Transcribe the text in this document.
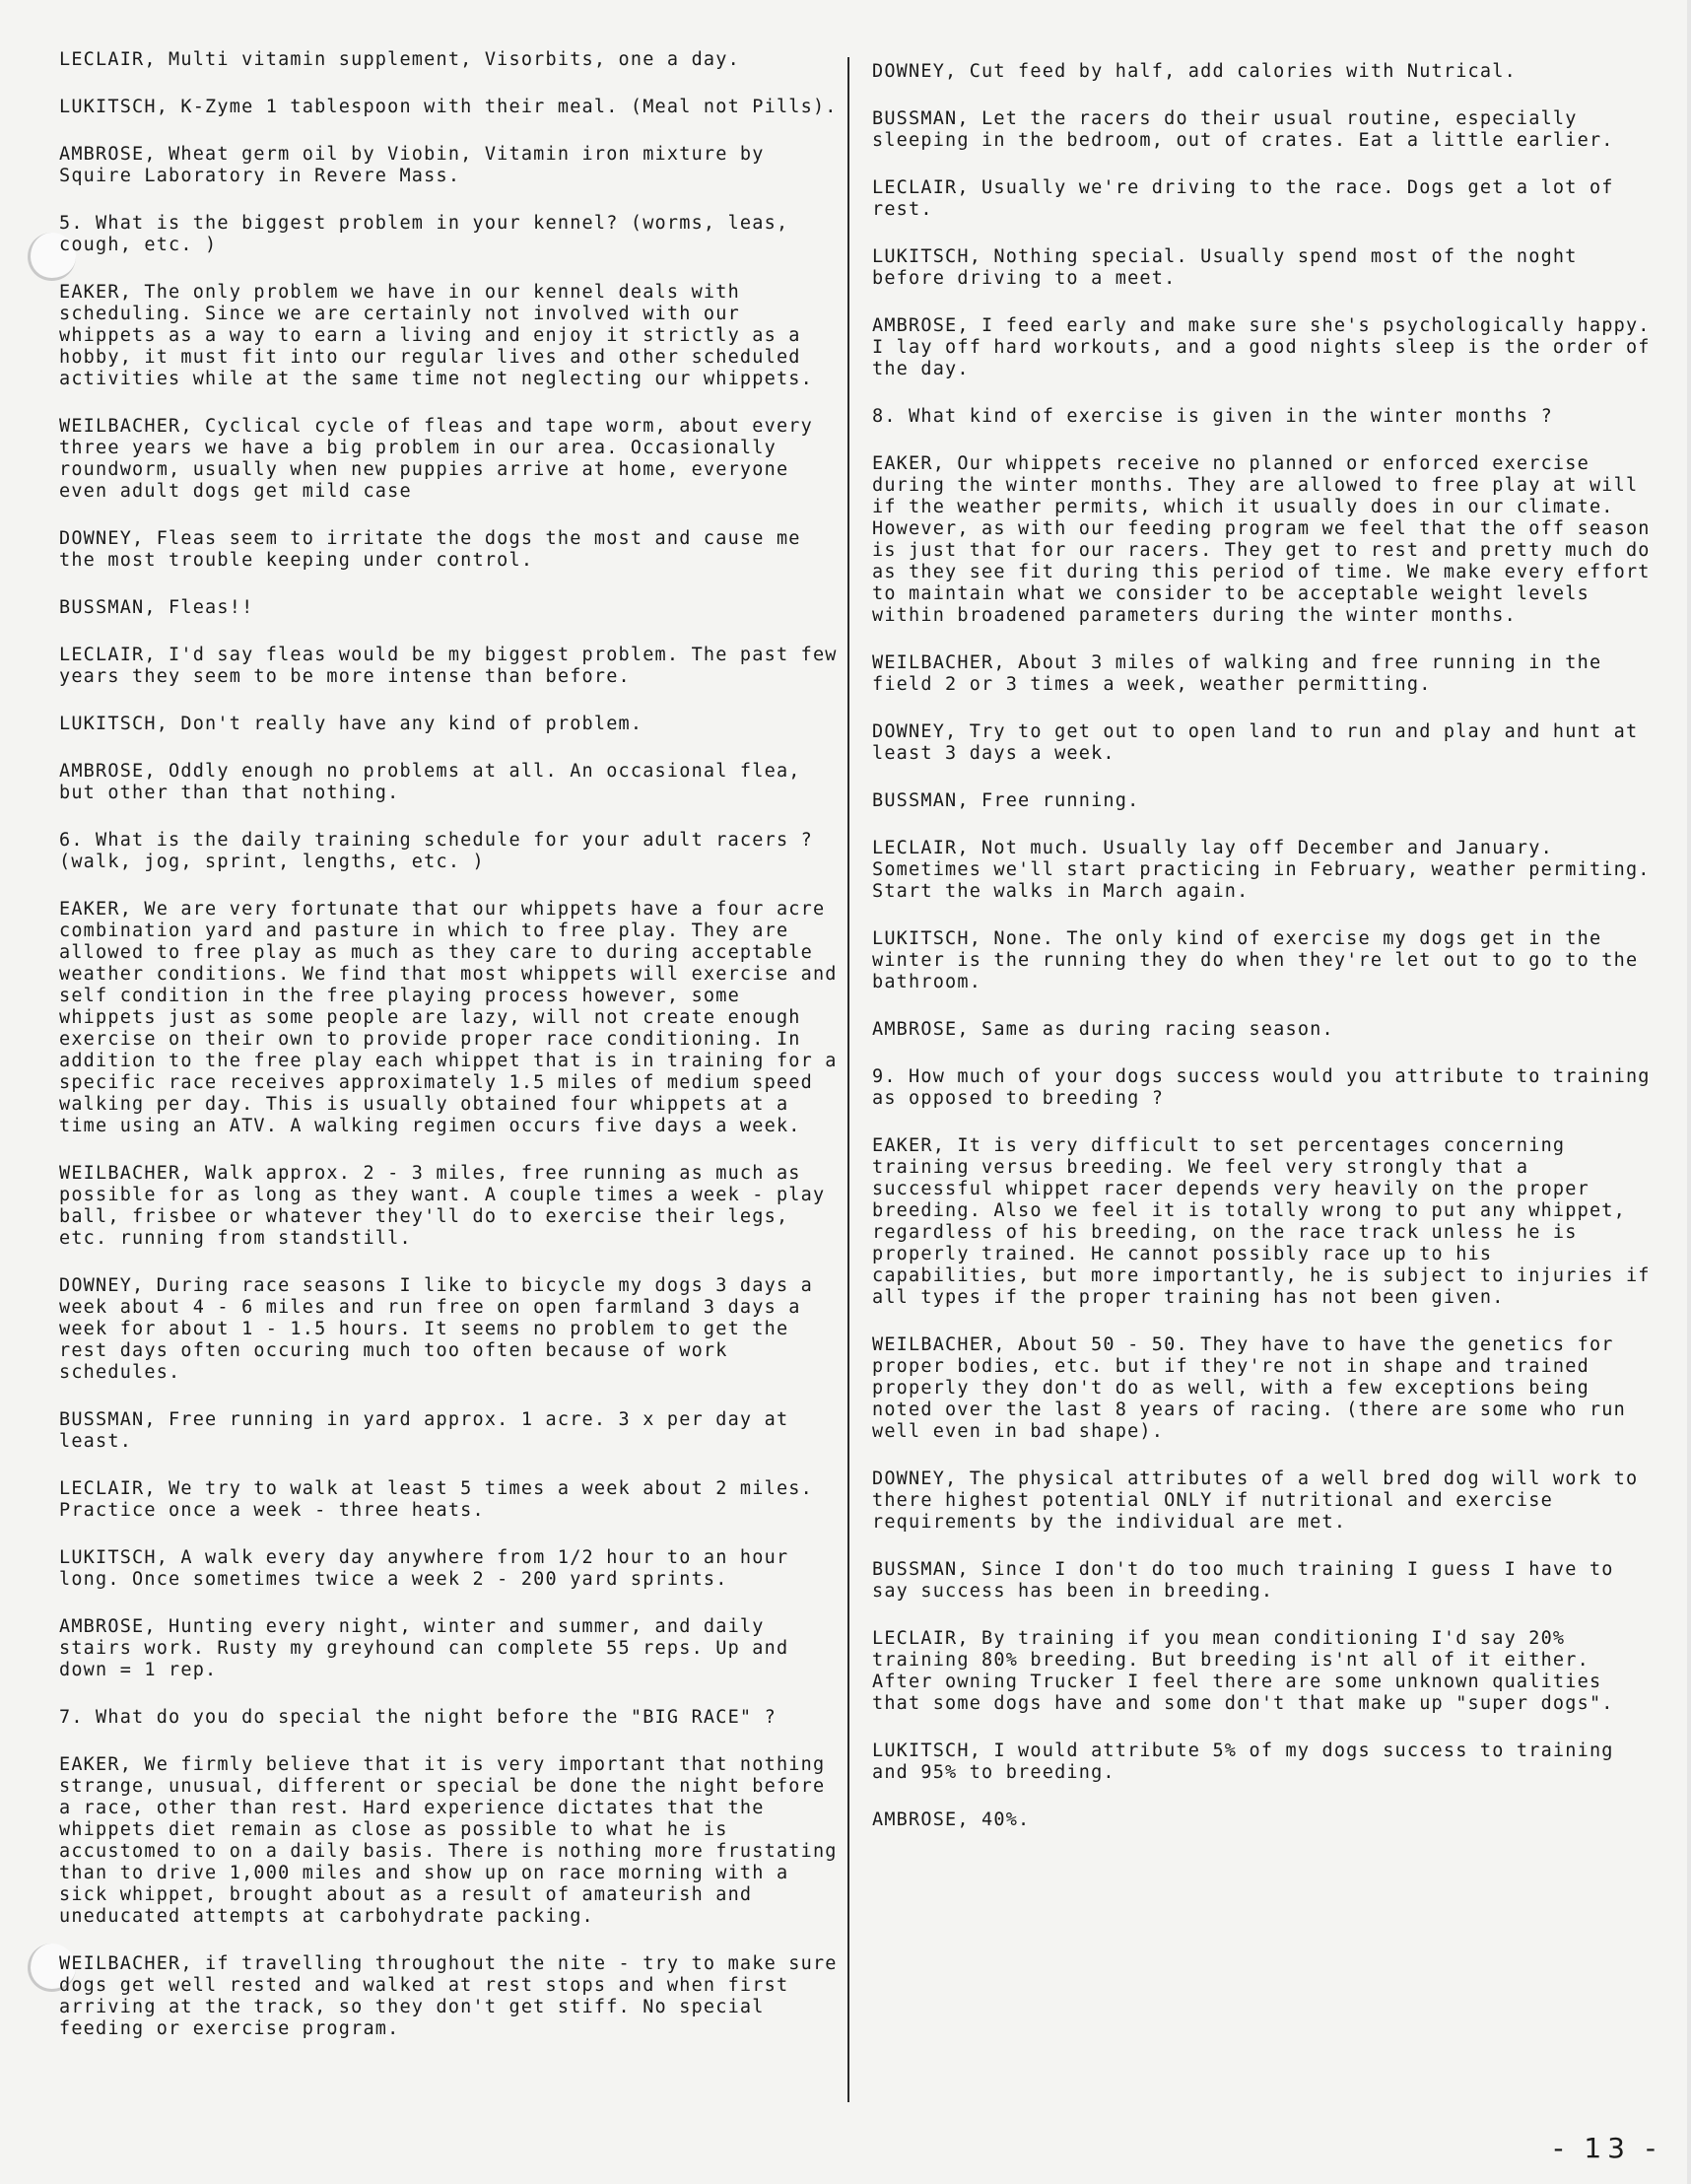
LECLAIR, Multi vitamin supplement, Visorbits, one a day.

LUKITSCH, K-Zyme 1 tablespoon with their meal. (Meal not Pills).

AMBROSE, Wheat germ oil by Viobin, Vitamin iron mixture by Squire Laboratory in Revere Mass.

5. What is the biggest problem in your kennel? (worms, leas, cough, etc. )

EAKER, The only problem we have in our kennel deals with scheduling. Since we are certainly not involved with our whippets as a way to earn a living and enjoy it strictly as a hobby, it must fit into our regular lives and other scheduled activities while at the same time not neglecting our whippets.

WEILBACHER, Cyclical cycle of fleas and tape worm, about every three years we have a big problem in our area. Occasionally roundworm, usually when new puppies arrive at home, everyone even adult dogs get mild case

DOWNEY, Fleas seem to irritate the dogs the most and cause me the most trouble keeping under control.

BUSSMAN, Fleas!!

LECLAIR, I'd say fleas would be my biggest problem. The past few years they seem to be more intense than before.

LUKITSCH, Don't really have any kind of problem.

AMBROSE, Oddly enough no problems at all. An occasional flea, but other than that nothing.

6. What is the daily training schedule for your adult racers ? (walk, jog, sprint, lengths, etc. )

EAKER, We are very fortunate that our whippets have a four acre combination yard and pasture in which to free play. They are allowed to free play as much as they care to during acceptable weather conditions. We find that most whippets will exercise and self condition in the free playing process however, some whippets just as some people are lazy, will not create enough exercise on their own to provide proper race conditioning. In addition to the free play each whippet that is in training for a specific race receives approximately 1.5 miles of medium speed walking per day. This is usually obtained four whippets at a time using an ATV. A walking regimen occurs five days a week.

WEILBACHER, Walk approx. 2 - 3 miles, free running as much as possible for as long as they want. A couple times a week - play ball, frisbee or whatever they'll do to exercise their legs, etc. running from standstill.

DOWNEY, During race seasons I like to bicycle my dogs 3 days a week about 4 - 6 miles and run free on open farmland 3 days a week for about 1 - 1.5 hours. It seems no problem to get the rest days often occuring much too often because of work schedules.

BUSSMAN, Free running in yard approx. 1 acre. 3 x per day at least.

LECLAIR, We try to walk at least 5 times a week about 2 miles. Practice once a week - three heats.

LUKITSCH, A walk every day anywhere from 1/2 hour to an hour long. Once sometimes twice a week 2 - 200 yard sprints.

AMBROSE, Hunting every night, winter and summer, and daily stairs work. Rusty my greyhound can complete 55 reps. Up and down = 1 rep.

7. What do you do special the night before the "BIG RACE" ?

EAKER, We firmly believe that it is very important that nothing strange, unusual, different or special be done the night before a race, other than rest. Hard experience dictates that the whippets diet remain as close as possible to what he is accustomed to on a daily basis. There is nothing more frustating than to drive 1,000 miles and show up on race morning with a sick whippet, brought about as a result of amateurish and uneducated attempts at carbohydrate packing.

WEILBACHER, if travelling throughout the nite - try to make sure dogs get well rested and walked at rest stops and when first arriving at the track, so they don't get stiff. No special feeding or exercise program.

DOWNEY, Cut feed by half, add calories with Nutrical.

BUSSMAN, Let the racers do their usual routine, especially sleeping in the bedroom, out of crates. Eat a little earlier.

LECLAIR, Usually we're driving to the race. Dogs get a lot of rest.

LUKITSCH, Nothing special. Usually spend most of the noght before driving to a meet.

AMBROSE, I feed early and make sure she's psychologically happy. I lay off hard workouts, and a good nights sleep is the order of the day.

8. What kind of exercise is given in the winter months ?

EAKER, Our whippets receive no planned or enforced exercise during the winter months. They are allowed to free play at will if the weather permits, which it usually does in our climate. However, as with our feeding program we feel that the off season is just that for our racers. They get to rest and pretty much do as they see fit during this period of time. We make every effort to maintain what we consider to be acceptable weight levels within broadened parameters during the winter months.

WEILBACHER, About 3 miles of walking and free running in the field 2 or 3 times a week, weather permitting.

DOWNEY, Try to get out to open land to run and play and hunt at least 3 days a week.

BUSSMAN, Free running.

LECLAIR, Not much. Usually lay off December and January. Sometimes we'll start practicing in February, weather permiting. Start the walks in March again.

LUKITSCH, None. The only kind of exercise my dogs get in the winter is the running they do when they're let out to go to the bathroom.

AMBROSE, Same as during racing season.

9. How much of your dogs success would you attribute to training as opposed to breeding ?

EAKER, It is very difficult to set percentages concerning training versus breeding. We feel very strongly that a successful whippet racer depends very heavily on the proper breeding. Also we feel it is totally wrong to put any whippet, regardless of his breeding, on the race track unless he is properly trained. He cannot possibly race up to his capabilities, but more importantly, he is subject to injuries if all types if the proper training has not been given.

WEILBACHER, About 50 - 50. They have to have the genetics for proper bodies, etc. but if they're not in shape and trained properly they don't do as well, with a few exceptions being noted over the last 8 years of racing. (there are some who run well even in bad shape).

DOWNEY, The physical attributes of a well bred dog will work to there highest potential ONLY if nutritional and exercise requirements by the individual are met.

BUSSMAN, Since I don't do too much training I guess I have to say success has been in breeding.

LECLAIR, By training if you mean conditioning I'd say 20% training 80% breeding. But breeding is'nt all of it either. After owning Trucker I feel there are some unknown qualities that some dogs have and some don't that make up "super dogs".

LUKITSCH, I would attribute 5% of my dogs success to training and 95% to breeding.

AMBROSE, 40%.

- 13 -
